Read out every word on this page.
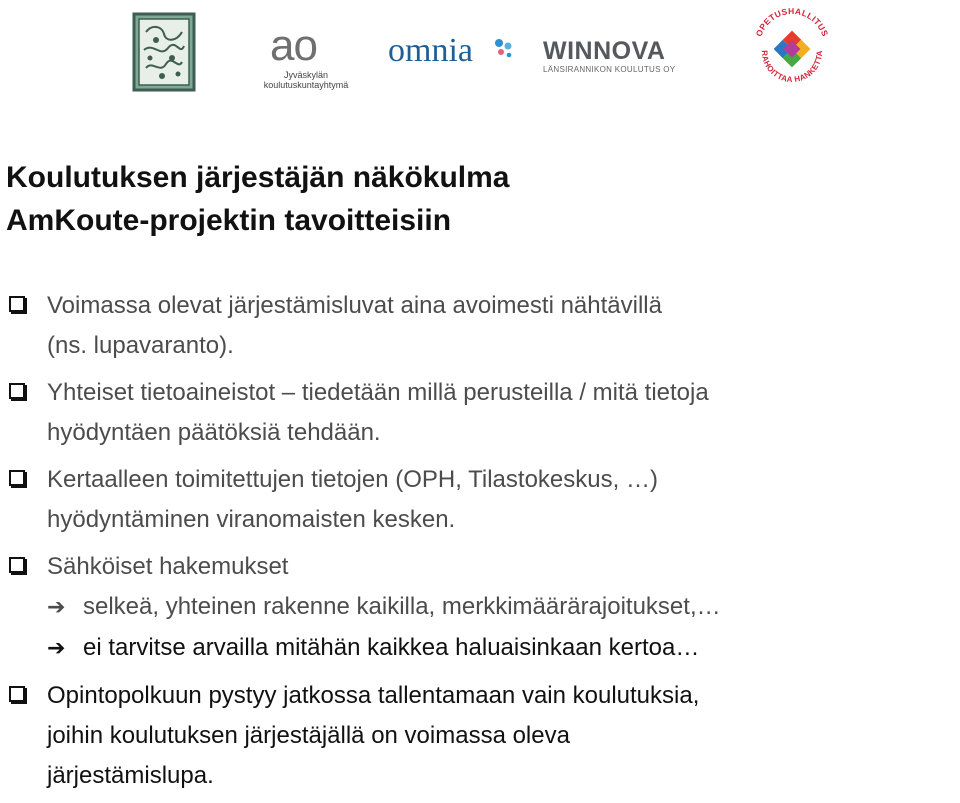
ao
Jyväskylän
koulutuskuntayhtymä
omnia	WINNOVA
LÄNSIRANNIKON KOULUTUS OY
OPETUSHALLITUS
RAHOITTAA HANKETTA
Koulutuksen järjestäjän näkökulma
AmKoute-projektin tavoitteisiin
Voimassa olevat järjestämisluvat aina avoimesti nähtävillä
(ns. lupavaranto).
Yhteiset tietoaineistot – tiedetään millä perusteilla / mitä tietoja
hyödyntäen päätöksiä tehdään.
Kertaalleen toimitettujen tietojen (OPH, Tilastokeskus, …)
hyödyntäminen viranomaisten kesken.
Sähköiset hakemukset
➔ selkeä, yhteinen rakenne kaikilla, merkkimäärärajoitukset,…
➔ ei tarvitse arvailla mitähän kaikkea haluaisinkaan kertoa…
Opintopolkuun pystyy jatkossa tallentamaan vain koulutuksia,
joihin koulutuksen järjestäjällä on voimassa oleva
järjestämislupa.
